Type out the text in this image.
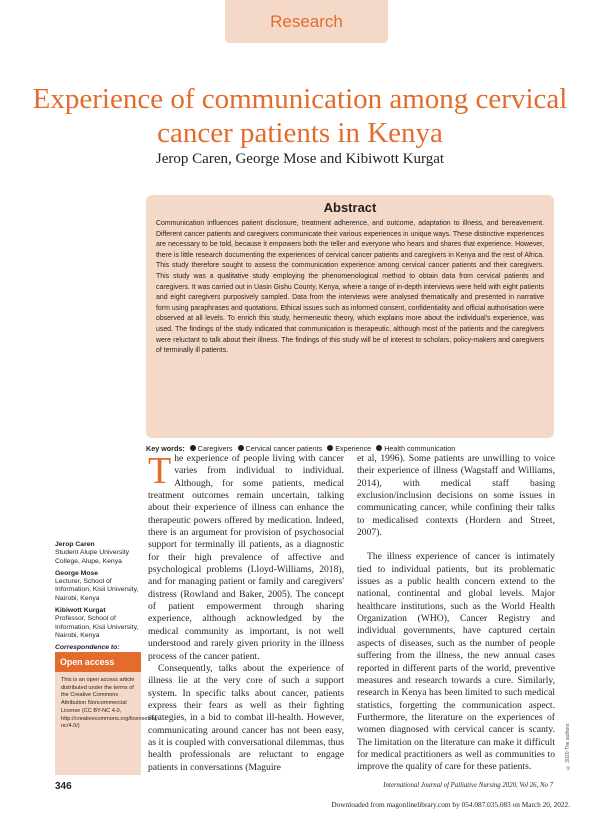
Research
Experience of communication among cervical cancer patients in Kenya
Jerop Caren, George Mose and Kibiwott Kurgat
Abstract

Communication influences patient disclosure, treatment adherence, and outcome, adaptation to illness, and bereavement. Different cancer patients and caregivers communicate their various experiences in unique ways. These distinctive experiences are necessary to be told, because it empowers both the teller and everyone who hears and shares that experience. However, there is little research documenting the experiences of cervical cancer patients and caregivers in Kenya and the rest of Africa. This study therefore sought to assess the communication experience among cervical cancer patients and their caregivers. This study was a qualitative study employing the phenomenological method to obtain data from cervical patients and caregivers. It was carried out in Uasin Gishu County, Kenya, where a range of in-depth interviews were held with eight patients and eight caregivers purposively sampled. Data from the interviews were analysed thematically and presented in narrative form using paraphrases and quotations. Ethical issues such as informed consent, confidentiality and official authorisation were observed at all levels. To enrich this study, hermeneutic theory, which explains more about the individual's experience, was used. The findings of the study indicated that communication is therapeutic, although most of the patients and the caregivers were reluctant to talk about their illness. The findings of this study will be of interest to scholars, policy-makers and caregivers of terminally ill patients.

Key words: Caregivers Cervical cancer patients Experience Health communication

The experience of people living with cancer varies from individual to individual. Although, for some patients, medical treatment outcomes remain uncertain, talking about their experience of illness can enhance the therapeutic powers offered by medication. Indeed, there is an argument for provision of psychosocial support for terminally ill patients, as a diagnostic for their high prevalence of affective and psychological problems (Lloyd-Williams, 2018), and for managing patient or family and caregivers' distress (Rowland and Baker, 2005). The concept of patient empowerment through sharing experience, although acknowledged by the medical community as important, is not well understood and rarely given priority in the illness process of the cancer patient.

Consequently, talks about the experience of illness lie at the very core of such a support system. In specific talks about cancer, patients express their fears as well as their fighting strategies, in a bid to combat ill-health. However, communicating around cancer has not been easy, as it is coupled with conversational dilemmas, thus health professionals are reluctant to engage patients in conversations (Maguire

et al, 1996). Some patients are unwilling to voice their experience of illness (Wagstaff and Williams, 2014), with medical staff basing exclusion/inclusion decisions on some issues in communicating cancer, while confining their talks to medicalised contexts (Hordern and Street, 2007).

The illness experience of cancer is intimately tied to individual patients, but its problematic issues as a public health concern extend to the national, continental and global levels. Major healthcare institutions, such as the World Health Organization (WHO), Cancer Registry and individual governments, have captured certain aspects of diseases, such as the number of people suffering from the illness, the new annual cases reported in different parts of the world, preventive measures and research towards a cure. Similarly, research in Kenya has been limited to such medical statistics, forgetting the communication aspect. Furthermore, the literature on the experiences of women diagnosed with cervical cancer is scanty. The limitation on the literature can make it difficult for medical practitioners as well as communities to improve the quality of care for these patients.

Jerop Caren
Student Alupe University College, Alupe, Kenya
George Mose
Lecturer, School of Information, Kisii University, Nairobi, Kenya
Kibiwott Kurgat
Professor, School of Information, Kisii University, Nairobi, Kenya
Correspondence to:

Open access
This is an open access article distributed under the terms of the Creative Commons Attribution Noncommercial License (CC BY-NC 4.0, http://creativecommons.org/licenses/by-nc/4.0/)	© 2020 The authors
346	International Journal of Palliative Nursing 2020, Vol 26, No 7
Downloaded from magonlinelibrary.com by 054.087.035.083 on March 20, 2022.
